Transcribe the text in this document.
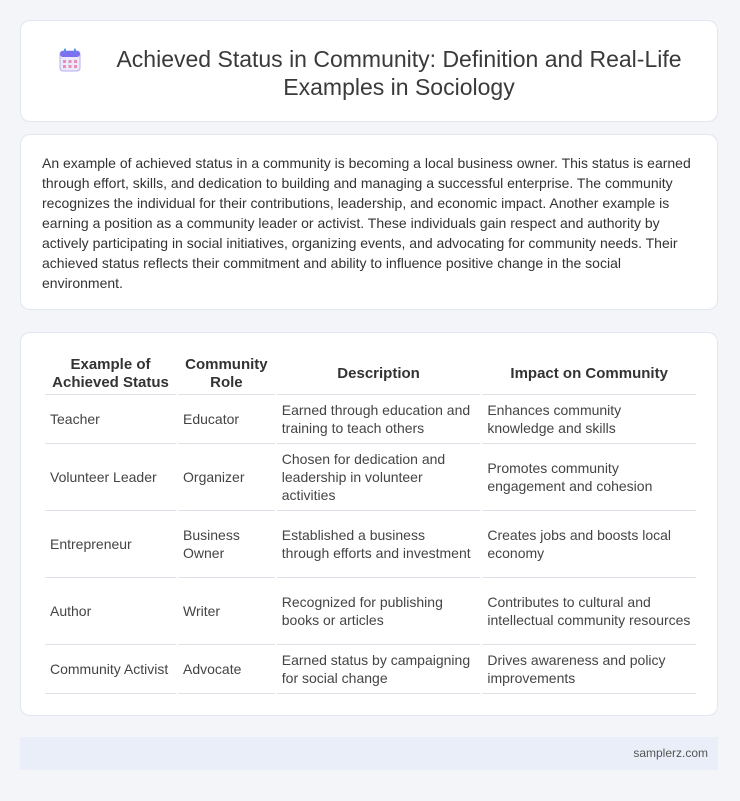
Achieved Status in Community: Definition and Real-Life Examples in Sociology

An example of achieved status in a community is becoming a local business owner. This status is earned through effort, skills, and dedication to building and managing a successful enterprise. The community recognizes the individual for their contributions, leadership, and economic impact. Another example is earning a position as a community leader or activist. These individuals gain respect and authority by actively participating in social initiatives, organizing events, and advocating for community needs. Their achieved status reflects their commitment and ability to influence positive change in the social environment.

Example of Achieved Status	Community Role	Description	Impact on Community
Teacher	Educator	Earned through education and training to teach others	Enhances community knowledge and skills
Volunteer Leader	Organizer	Chosen for dedication and leadership in volunteer activities	Promotes community engagement and cohesion
Entrepreneur	Business Owner	Established a business through efforts and investment	Creates jobs and boosts local economy
Author	Writer	Recognized for publishing books or articles	Contributes to cultural and intellectual community resources
Community Activist	Advocate	Earned status by campaigning for social change	Drives awareness and policy improvements
samplerz.com
